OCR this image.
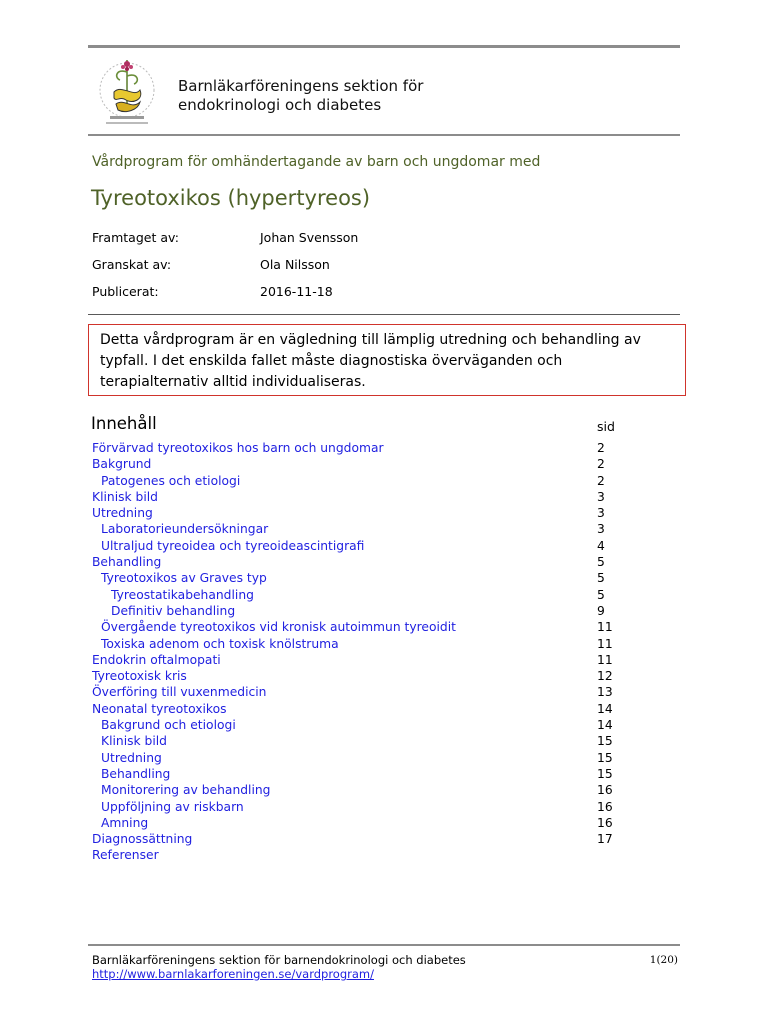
Barnläkarföreningens sektion för
endokrinologi och diabetes
Vårdprogram för omhändertagande av barn och ungdomar med
Tyreotoxikos (hypertyreos)
Framtaget av:	Johan Svensson
Granskat av:	Ola Nilsson
Publicerat:	2016-11-18
Detta vårdprogram är en vägledning till lämplig utredning och behandling av typfall. I det enskilda fallet måste diagnostiska överväganden och terapialternativ alltid individualiseras.
Innehåll	sid
Förvärvad tyreotoxikos hos barn och ungdomar	2
Bakgrund	2
Patogenes och etiologi	2
Klinisk bild	3
Utredning	3
Laboratorieundersökningar	3
Ultraljud tyreoidea och tyreoideascintigrafi	4
Behandling	5
Tyreotoxikos av Graves typ	5
Tyreostatikabehandling	5
Definitiv behandling	9
Övergående tyreotoxikos vid kronisk autoimmun tyreoidit	11
Toxiska adenom och toxisk knölstruma	11
Endokrin oftalmopati	11
Tyreotoxisk kris	12
Överföring till vuxenmedicin	13
Neonatal tyreotoxikos	14
Bakgrund och etiologi	14
Klinisk bild	15
Utredning	15
Behandling	15
Monitorering av behandling	16
Uppföljning av riskbarn	16
Amning	16
Diagnossättning	17
Referenser
Barnläkarföreningens sektion för barnendokrinologi och diabetes
http://www.barnlakarforeningen.se/vardprogram/
1(20)
